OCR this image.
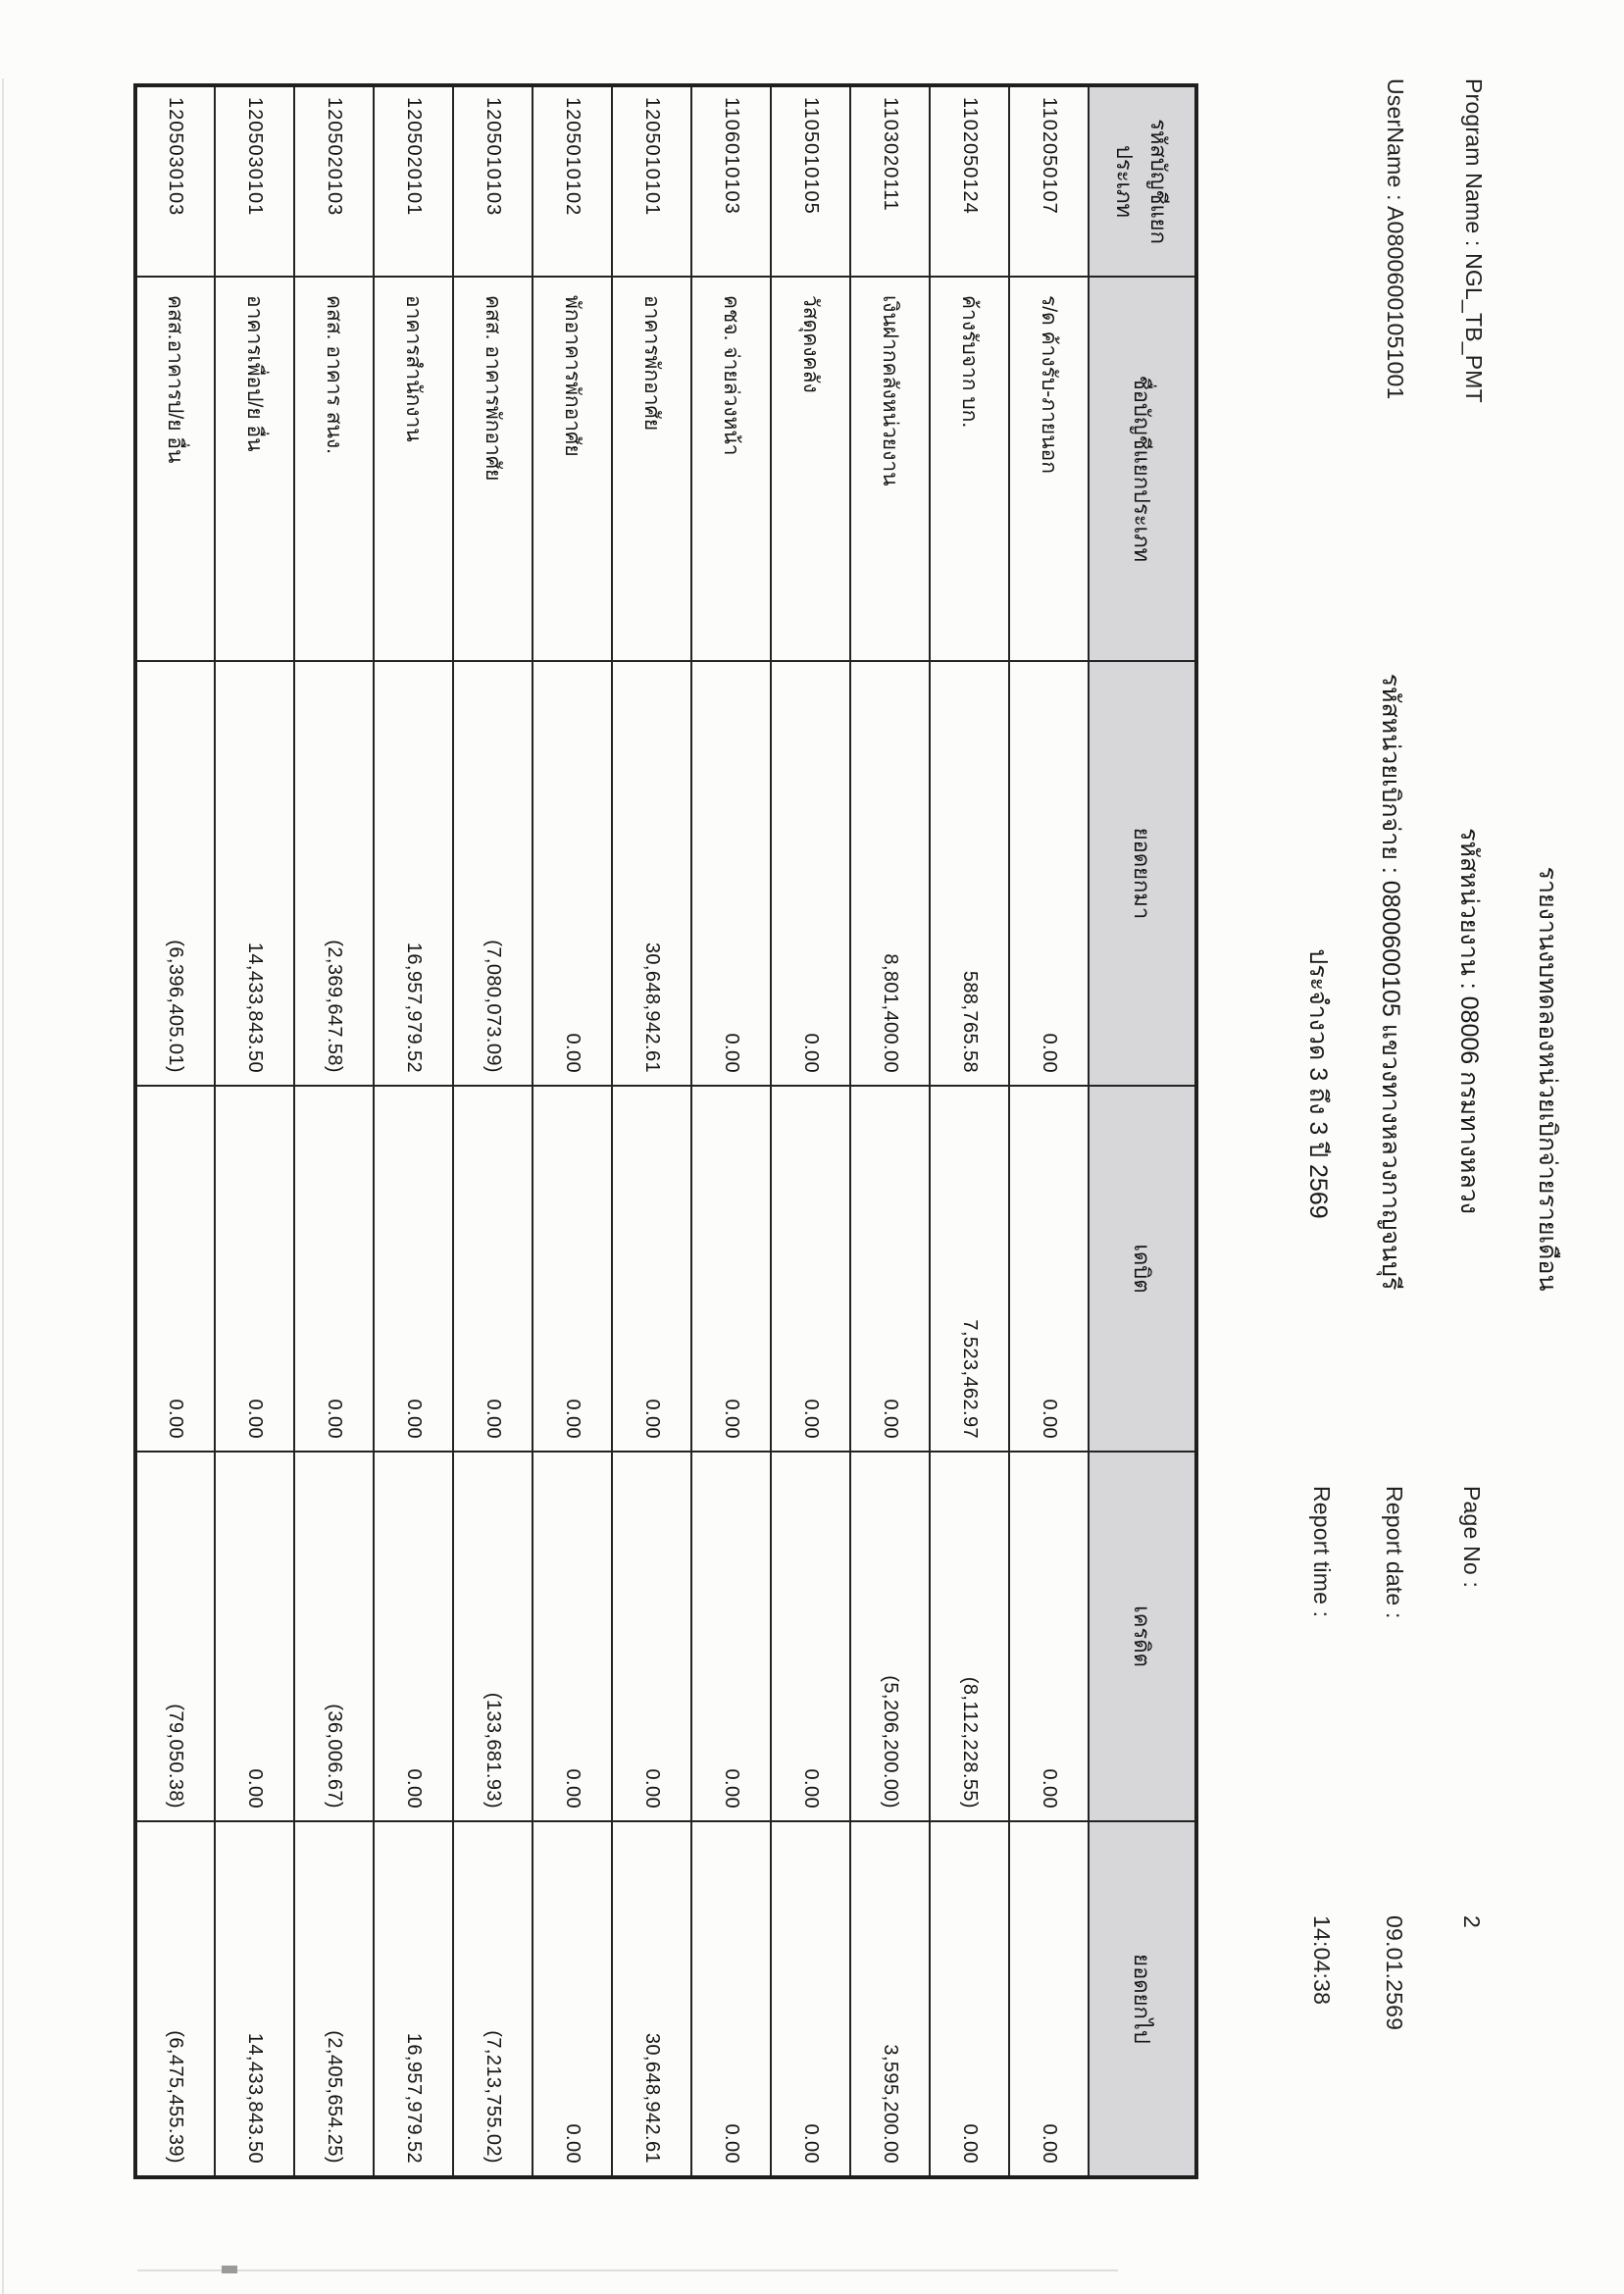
รายงานงบทดลองหน่วยเบิกจ่ายรายเดือน
Program Name : NGL_TB_PMT
รหัสหน่วยงาน : 08006 กรมทางหลวง
Page No :
2
UserName : A08006001051001
รหัสหน่วยเบิกจ่าย : 0800600105 แขวงทางหลวงกาญจนบุรี
Report date :
09.01.2569
ประจำงวด 3 ถึง 3 ปี 2569
Report time :
14:04:38
รหัสบัญชีแยกประเภท	ชื่อบัญชีแยกประเภท	ยอดยกมา	เดบิต	เครดิต	ยอดยกไป
1102050107	ร/ด ค้างรับ-ภายนอก	0.00	0.00	0.00	0.00
1102050124	ค้างรับจาก บก.	588,765.58	7,523,462.97	(8,112,228.55)	0.00
1103020111	เงินฝากคลังหน่วยงาน	8,801,400.00	0.00	(5,206,200.00)	3,595,200.00
1105010105	วัสดุคงคลัง	0.00	0.00	0.00	0.00
1106010103	คชจ. จ่ายล่วงหน้า	0.00	0.00	0.00	0.00
1205010101	อาคารพักอาศัย	30,648,942.61	0.00	0.00	30,648,942.61
1205010102	พักอาคารพักอาศัย	0.00	0.00	0.00	0.00
1205010103	คสส. อาคารพักอาศัย	(7,080,073.09)	0.00	(133,681.93)	(7,213,755.02)
1205020101	อาคารสำนักงาน	16,957,979.52	0.00	0.00	16,957,979.52
1205020103	คสส. อาคาร สนง.	(2,369,647.58)	0.00	(36,006.67)	(2,405,654.25)
1205030101	อาคารเพื่อป/ย อื่น	14,433,843.50	0.00	0.00	14,433,843.50
1205030103	คสส.อาคารป/ย อื่น	(6,396,405.01)	0.00	(79,050.38)	(6,475,455.39)
